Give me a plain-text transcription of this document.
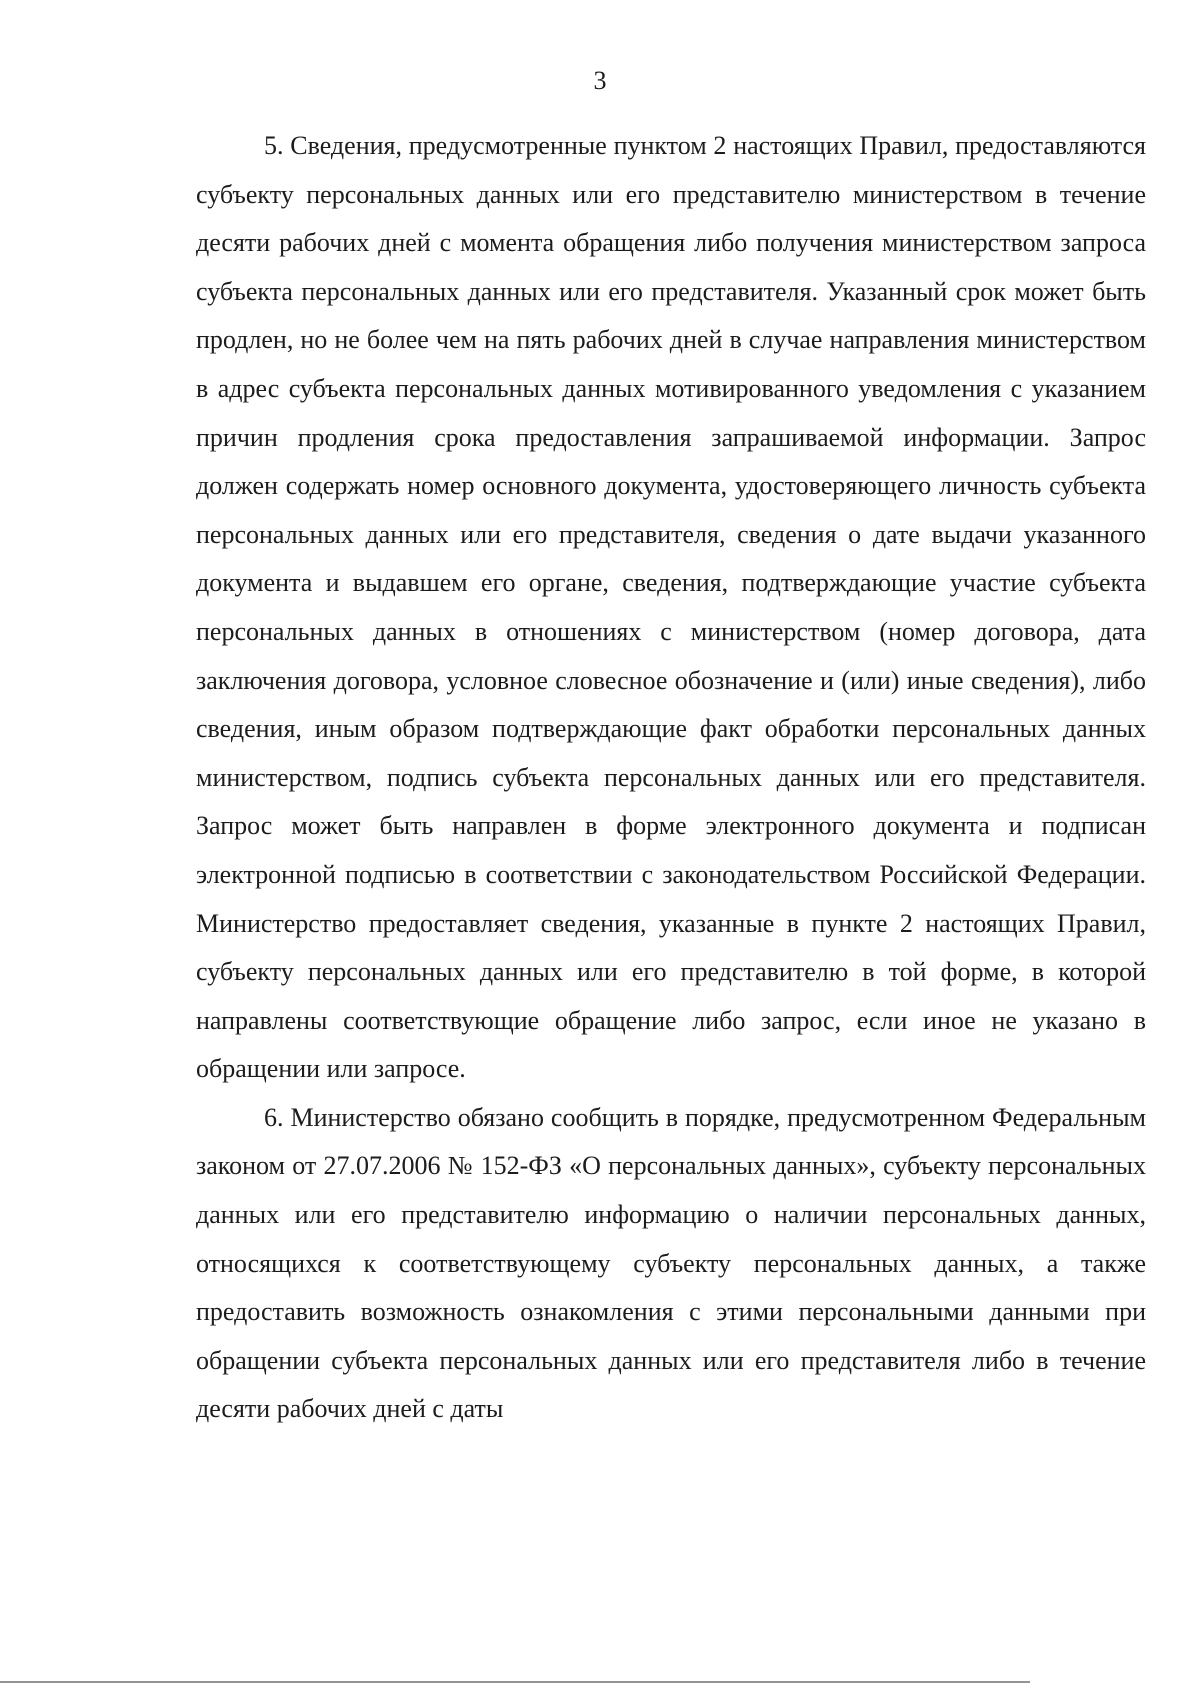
3

5. Сведения, предусмотренные пунктом 2 настоящих Правил, предоставляются субъекту персональных данных или его представителю министерством в течение десяти рабочих дней с момента обращения либо получения министерством запроса субъекта персональных данных или его представителя. Указанный срок может быть продлен, но не более чем на пять рабочих дней в случае направления министерством в адрес субъекта персональных данных мотивированного уведомления с указанием причин продления срока предоставления запрашиваемой информации. Запрос должен содержать номер основного документа, удостоверяющего личность субъекта персональных данных или его представителя, сведения о дате выдачи указанного документа и выдавшем его органе, сведения, подтверждающие участие субъекта персональных данных в отношениях с министерством (номер договора, дата заключения договора, условное словесное обозначение и (или) иные сведения), либо сведения, иным образом подтверждающие факт обработки персональных данных министерством, подпись субъекта персональных данных или его представителя. Запрос может быть направлен в форме электронного документа и подписан электронной подписью в соответствии с законодательством Российской Федерации. Министерство предоставляет сведения, указанные в пункте 2 настоящих Правил, субъекту персональных данных или его представителю в той форме, в которой направлены соответствующие обращение либо запрос, если иное не указано в обращении или запросе.

6. Министерство обязано сообщить в порядке, предусмотренном Федеральным законом от 27.07.2006 № 152-ФЗ «О персональных данных», субъекту персональных данных или его представителю информацию о наличии персональных данных, относящихся к соответствующему субъекту персональных данных, а также предоставить возможность ознакомления с этими персональными данными при обращении субъекта персональных данных или его представителя либо в течение десяти рабочих дней с даты
